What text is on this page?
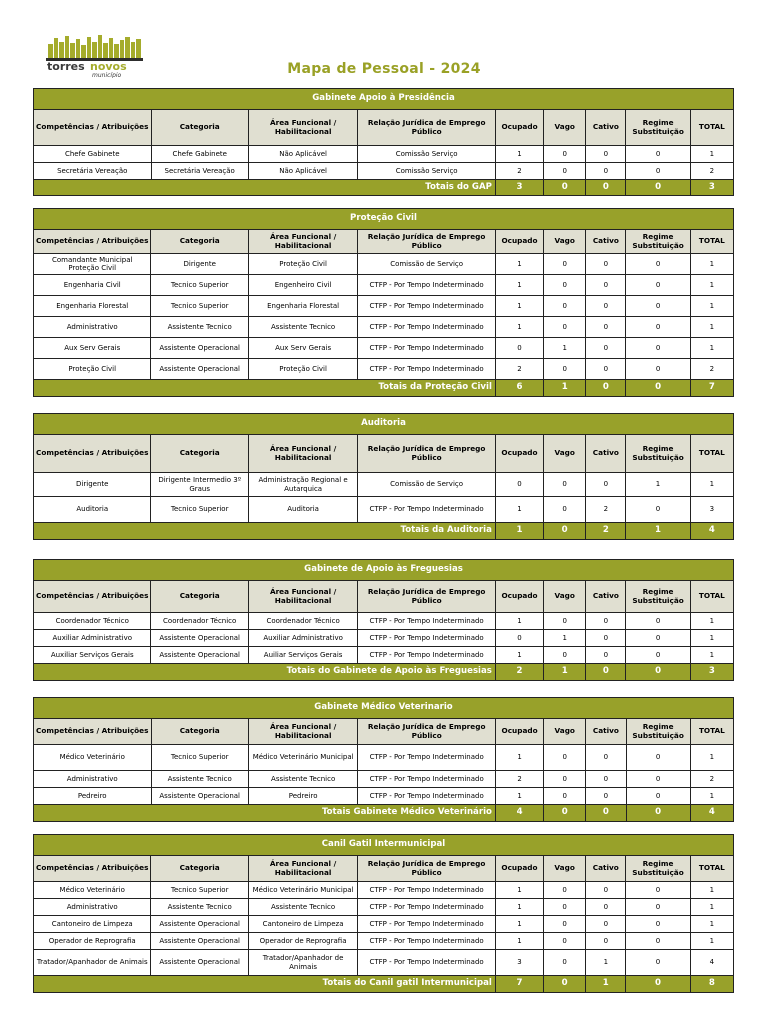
torres novos
município	Mapa de Pessoal - 2024
Gabinete Apoio à Presidência								
Competências / Atribuições	Categoria	Área Funcional / Habilitacional	Relação Jurídica de Emprego Público	Ocupado	Vago	Cativo	Regime Substituição	TOTAL
Chefe Gabinete	Chefe Gabinete	Não Aplicável	Comissão Serviço	1	0	0	0	1
Secretária Vereação	Secretária Vereação	Não Aplicável	Comissão Serviço	2	0	0	0	2
Totais do GAP				3	0	0	0	3
Proteção Civil								
Competências / Atribuições	Categoria	Área Funcional / Habilitacional	Relação Jurídica de Emprego Público	Ocupado	Vago	Cativo	Regime Substituição	TOTAL
Comandante Municipal Proteção Civil	Dirigente	Proteção Civil	Comissão de Serviço	1	0	0	0	1
Engenharia Civil	Tecnico Superior	Engenheiro Civil	CTFP - Por Tempo Indeterminado	1	0	0	0	1
Engenharia Florestal	Tecnico Superior	Engenharia Florestal	CTFP - Por Tempo Indeterminado	1	0	0	0	1
Administrativo	Assistente Tecnico	Assistente Tecnico	CTFP - Por Tempo Indeterminado	1	0	0	0	1
Aux Serv Gerais	Assistente Operacional	Aux Serv Gerais	CTFP - Por Tempo Indeterminado	0	1	0	0	1
Proteção Civil	Assistente Operacional	Proteção Civil	CTFP - Por Tempo Indeterminado	2	0	0	0	2
Totais da Proteção Civil				6	1	0	0	7
Auditoria								
Competências / Atribuições	Categoria	Área Funcional / Habilitacional	Relação Jurídica de Emprego Público	Ocupado	Vago	Cativo	Regime Substituição	TOTAL
Dirigente	Dirigente Intermedio 3º Graus	Administração Regional e Autarquica	Comissão de Serviço	0	0	0	1	1
Auditoria	Tecnico Superior	Auditoria	CTFP - Por Tempo Indeterminado	1	0	2	0	3
Totais da Auditoria				1	0	2	1	4
Gabinete de Apoio às Freguesias								
Competências / Atribuições	Categoria	Área Funcional / Habilitacional	Relação Jurídica de Emprego Público	Ocupado	Vago	Cativo	Regime Substituição	TOTAL
Coordenador Técnico	Coordenador Técnico	Coordenador Técnico	CTFP - Por Tempo Indeterminado	1	0	0	0	1
Auxiliar Administrativo	Assistente Operacional	Auxiliar Administrativo	CTFP - Por Tempo Indeterminado	0	1	0	0	1
Auxiliar Serviços Gerais	Assistente Operacional	Auiliar Serviços Gerais	CTFP - Por Tempo Indeterminado	1	0	0	0	1
Totais do Gabinete de Apoio às Freguesias				2	1	0	0	3
Gabinete Médico Veterinario								
Competências / Atribuições	Categoria	Área Funcional / Habilitacional	Relação Jurídica de Emprego Público	Ocupado	Vago	Cativo	Regime Substituição	TOTAL
Médico Veterinário	Tecnico Superior	Médico Veterinário Municipal	CTFP - Por Tempo Indeterminado	1	0	0	0	1
Administrativo	Assistente Tecnico	Assistente Tecnico	CTFP - Por Tempo Indeterminado	2	0	0	0	2
Pedreiro	Assistente Operacional	Pedreiro	CTFP - Por Tempo Indeterminado	1	0	0	0	1
Totais Gabinete Médico Veterinário				4	0	0	0	4
Canil Gatil Intermunicipal								
Competências / Atribuições	Categoria	Área Funcional / Habilitacional	Relação Jurídica de Emprego Público	Ocupado	Vago	Cativo	Regime Substituição	TOTAL
Médico Veterinário	Tecnico Superior	Médico Veterinário Municipal	CTFP - Por Tempo Indeterminado	1	0	0	0	1
Administrativo	Assistente Tecnico	Assistente Tecnico	CTFP - Por Tempo Indeterminado	1	0	0	0	1
Cantoneiro de Limpeza	Assistente Operacional	Cantoneiro de Limpeza	CTFP - Por Tempo Indeterminado	1	0	0	0	1
Operador de Reprografia	Assistente Operacional	Operador de Reprografia	CTFP - Por Tempo Indeterminado	1	0	0	0	1
Tratador/Apanhador de Animais	Assistente Operacional	Tratador/Apanhador de Animais	CTFP - Por Tempo Indeterminado	3	0	1	0	4
Totais do Canil gatil Intermunicipal				7	0	1	0	8
